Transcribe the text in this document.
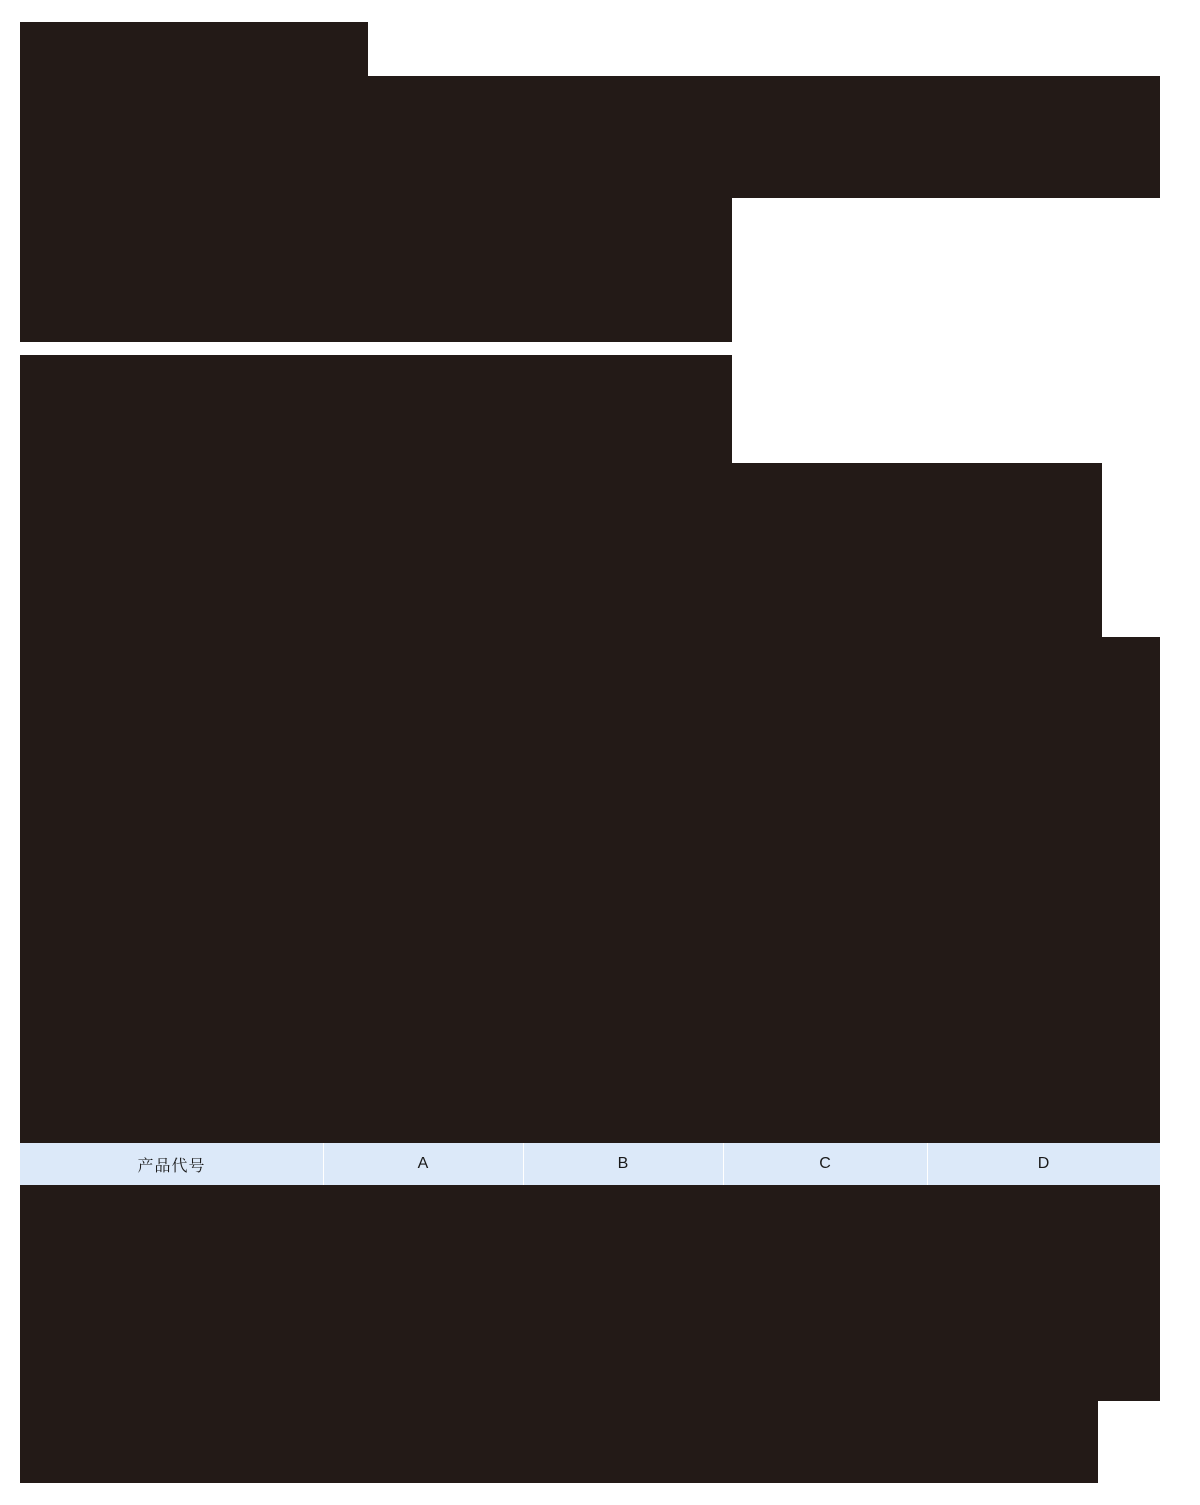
产品代号	A	B	C	D
